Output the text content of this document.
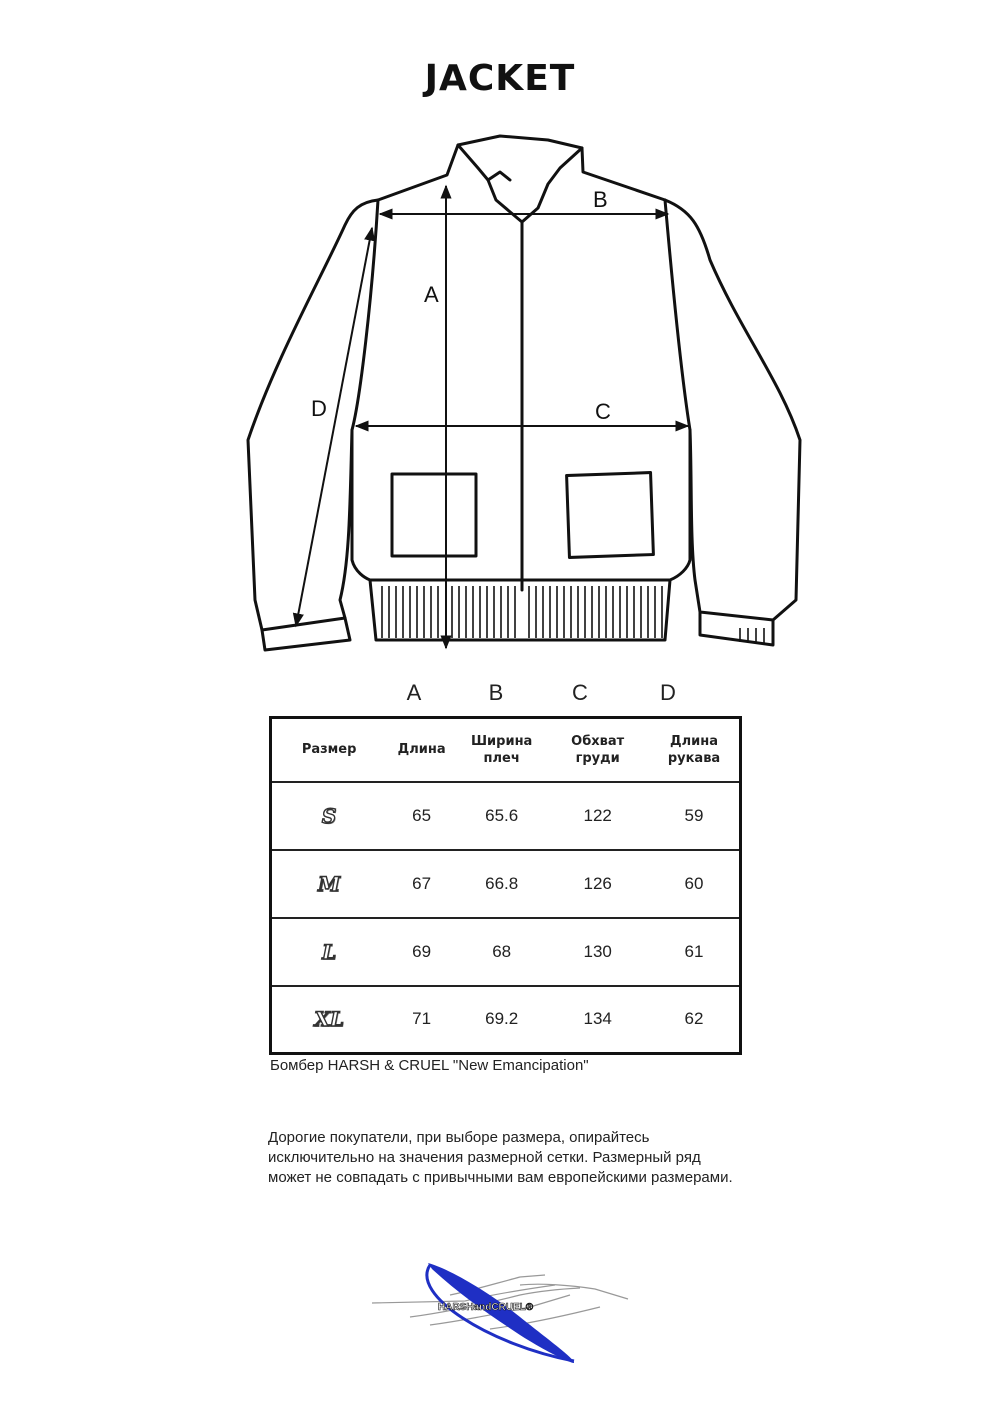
JACKET
A
B
C
D
A	B	C	D
Размер	Длина	Ширина плеч	Обхват груди	Длина рукава
S	65	65.6	122	59
M	67	66.8	126	60
L	69	68	130	61
XL	71	69.2	134	62
Бомбер HARSH & CRUEL "New Emancipation"
Дорогие покупатели, при выборе размера, опирайтесь исключительно на значения размерной сетки. Размерный ряд может не совпадать с привычными вам европейскими размерами.
HARSHandCRUEL®
